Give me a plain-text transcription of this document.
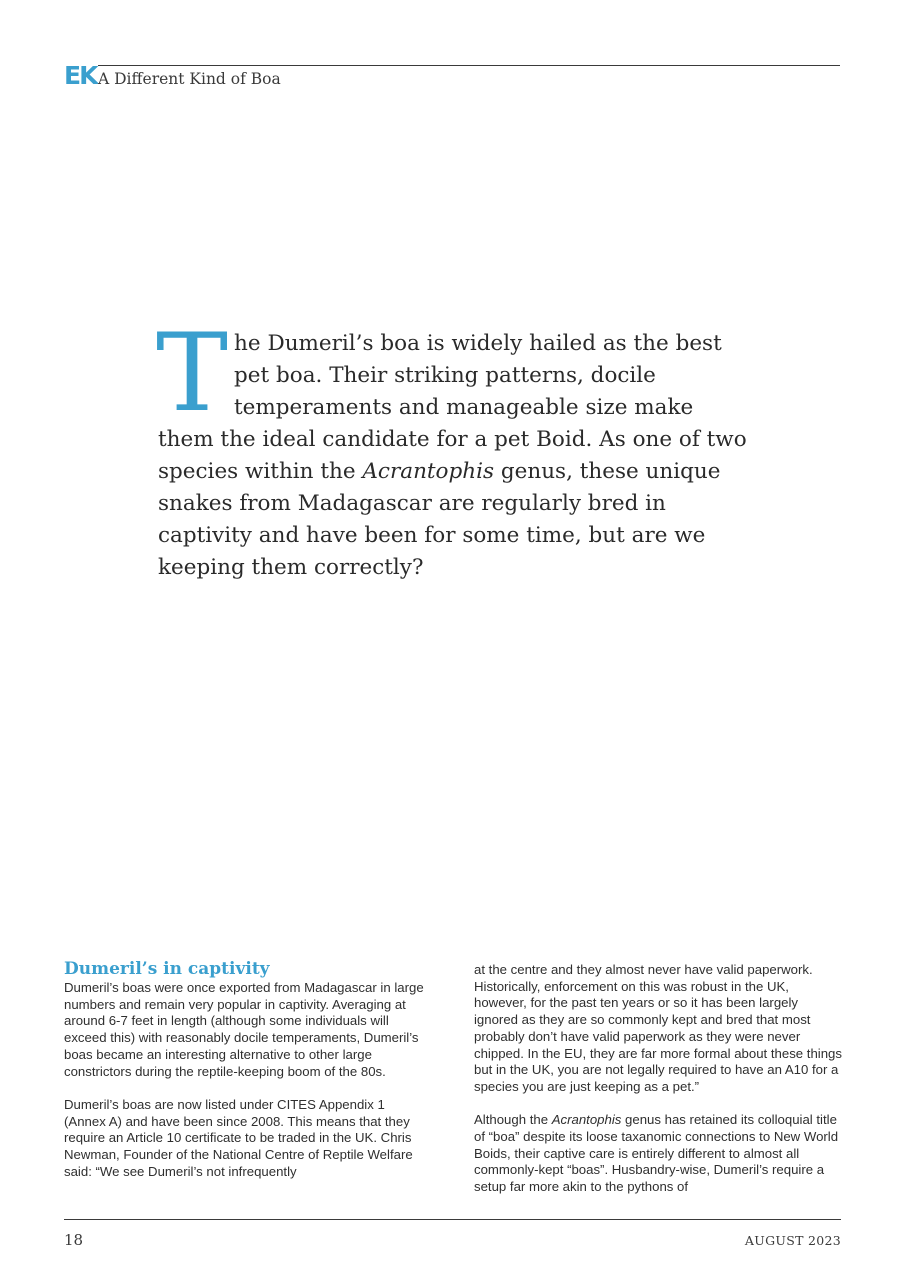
EK A Different Kind of Boa

The Dumeril’s boa is widely hailed as the best pet boa. Their striking patterns, docile temperaments and manageable size make them the ideal candidate for a pet Boid. As one of two species within the Acrantophis genus, these unique snakes from Madagascar are regularly bred in captivity and have been for some time, but are we keeping them correctly?

Dumeril’s in captivity

Dumeril’s boas were once exported from Madagascar in large numbers and remain very popular in captivity. Averaging at around 6-7 feet in length (although some individuals will exceed this) with reasonably docile temperaments, Dumeril’s boas became an interesting alternative to other large constrictors during the reptile-keeping boom of the 80s.

Dumeril’s boas are now listed under CITES Appendix 1 (Annex A) and have been since 2008. This means that they require an Article 10 certificate to be traded in the UK. Chris Newman, Founder of the National Centre of Reptile Welfare said: “We see Dumeril’s not infrequently

at the centre and they almost never have valid paperwork. Historically, enforcement on this was robust in the UK, however, for the past ten years or so it has been largely ignored as they are so commonly kept and bred that most probably don’t have valid paperwork as they were never chipped. In the EU, they are far more formal about these things but in the UK, you are not legally required to have an A10 for a species you are just keeping as a pet.”

Although the Acrantophis genus has retained its colloquial title of “boa” despite its loose taxanomic connections to New World Boids, their captive care is entirely different to almost all commonly-kept “boas”. Husbandry-wise, Dumeril’s require a setup far more akin to the pythons of

18	AUGUST 2023
